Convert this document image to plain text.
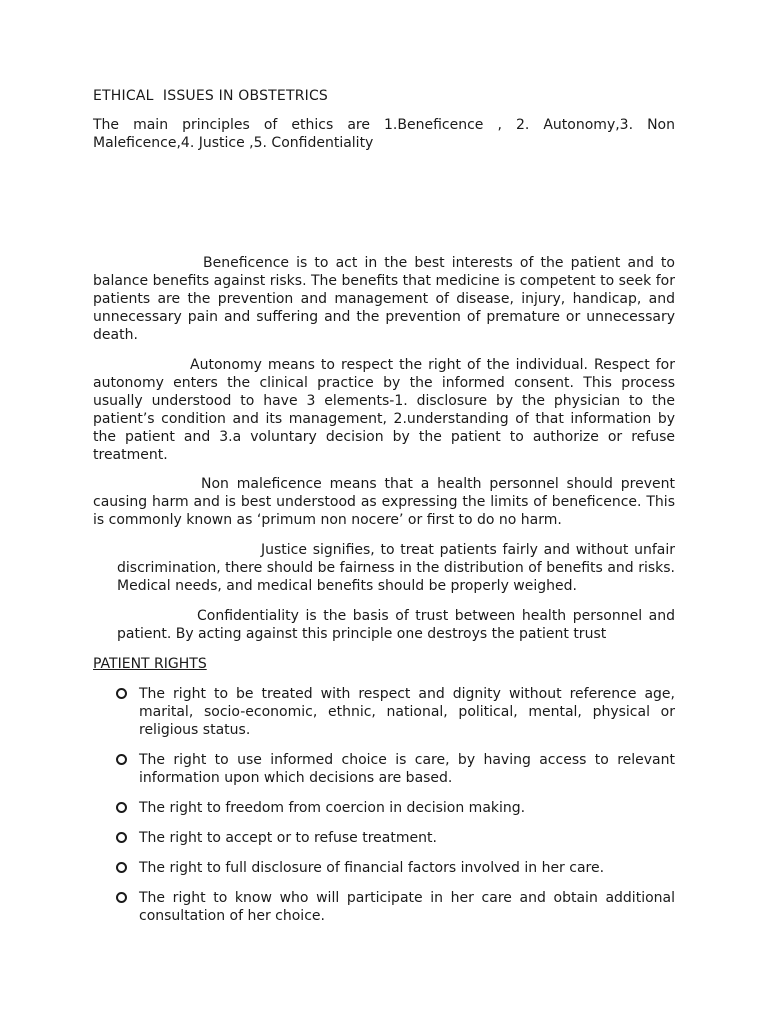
ETHICAL  ISSUES IN OBSTETRICS
The main principles of ethics are 1.Beneficence , 2. Autonomy,3. Non Maleficence,4. Justice ,5. Confidentiality
Beneficence is to act in the best interests of the patient and to balance benefits against risks. The benefits that medicine is competent to seek for patients are the prevention and management of disease, injury, handicap, and unnecessary pain and suffering and the prevention of premature or unnecessary death.
Autonomy means to respect the right of the individual. Respect for autonomy enters the clinical practice by the informed consent. This process usually understood to have 3 elements-1. disclosure by the physician to the patient’s condition and its management, 2.understanding of that information by the patient and 3.a voluntary decision by the patient to authorize or refuse treatment.
Non maleficence means that a health personnel should prevent causing harm and is best understood as expressing the limits of beneficence. This is commonly known as ‘primum non nocere’ or first to do no harm.
Justice signifies, to treat patients fairly and without unfair discrimination, there should be fairness in the distribution of benefits and risks. Medical needs, and medical benefits should be properly weighed.
Confidentiality is the basis of trust between health personnel and patient. By acting against this principle one destroys the patient trust
PATIENT RIGHTS
The right to be treated with respect and dignity without reference age, marital, socio-economic, ethnic, national, political, mental, physical or religious status.
The right to use informed choice is care, by having access to relevant information upon which decisions are based.
The right to freedom from coercion in decision making.
The right to accept or to refuse treatment.
The right to full disclosure of financial factors involved in her care.
The right to know who will participate in her care and obtain additional consultation of her choice.
